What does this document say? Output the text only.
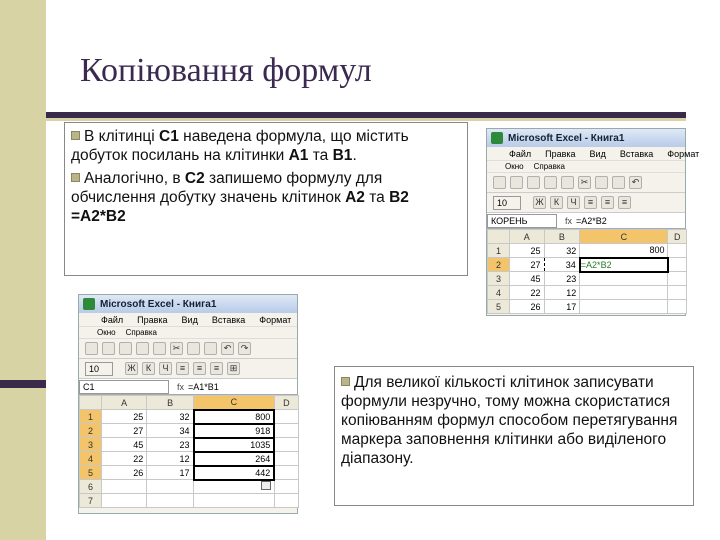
Копіювання формул

В клітинці С1 наведена формула, що містить добуток посилань на клітинки А1 та В1.

Аналогічно, в С2 запишемо формулу для обчислення добутку значень клітинок А2 та В2 =А2*В2

Для великої кількості клітинок записувати формули незручно, тому можна скористатися копіюванням формул способом перетягування маркера заповнення клітинки або виділеного діапазону.

Microsoft Excel - Книга1
Файл Правка Вид Вставка Формат
Окно Справка
✂	↶
10	Ж	К	Ч	≡	≡	≡
КОРЕНЬ	fx =A2*B2
	A	B	C	D
1	25	32	800	
2	27	34	=A2*B2	
3	45	23		
4	22	12		
5	26	17		
Microsoft Excel - Книга1
Файл Правка Вид Вставка Формат
Окно Справка
✂	↶	↷
10	Ж	К	Ч	≡	≡	≡	⊞
C1	fx =A1*B1
	A	B	C	D
1	25	32	800	
2	27	34	918	
3	45	23	1035	
4	22	12	264	
5	26	17	442	
6				
7				
